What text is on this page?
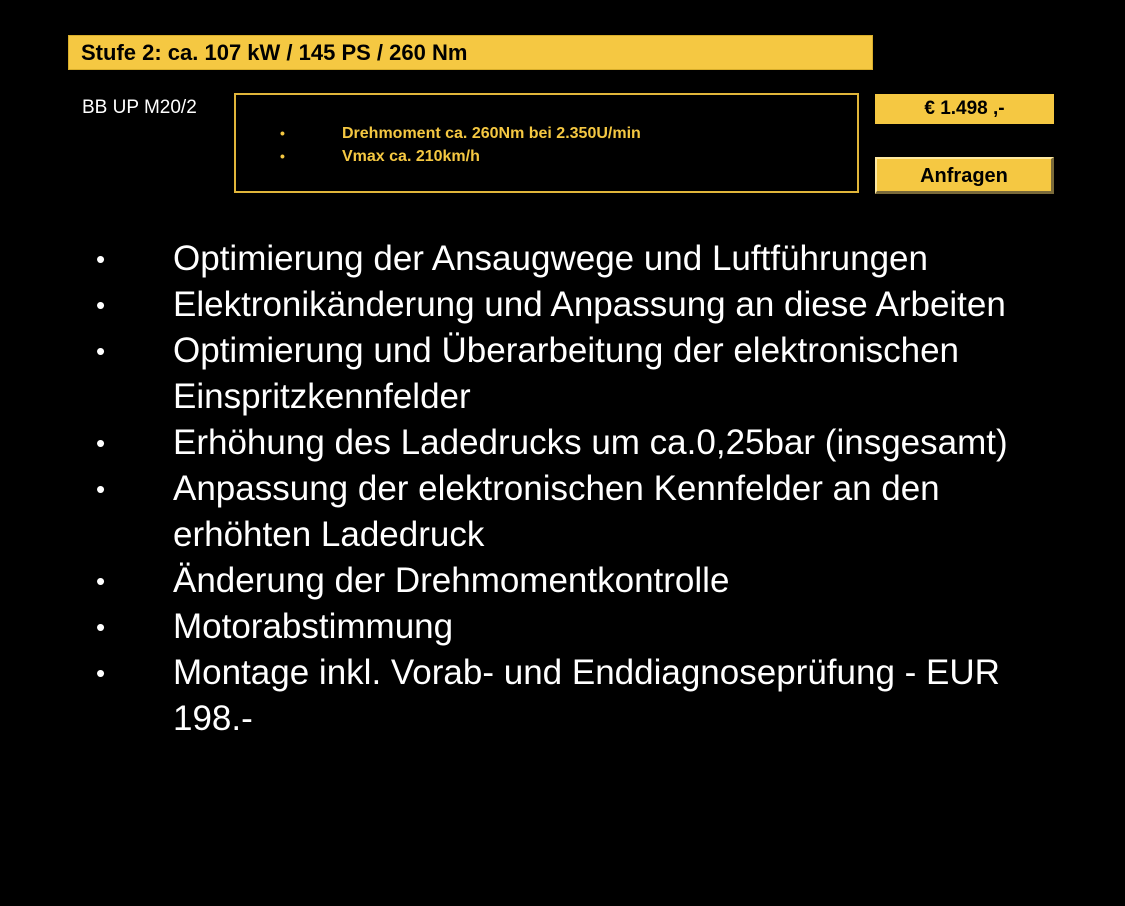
Stufe 2: ca. 107 kW / 145 PS / 260 Nm
BB UP M20/2
•	Drehmoment ca. 260Nm bei 2.350U/min
•	Vmax ca. 210km/h
€ 1.498 ,-
Anfragen
• Optimierung der Ansaugwege und Luftführungen
• Elektronikänderung und Anpassung an diese Arbeiten
• Optimierung und Überarbeitung der elektronischen Einspritzkennfelder
• Erhöhung des Ladedrucks um ca.0,25bar (insgesamt)
• Anpassung der elektronischen Kennfelder an den erhöhten Ladedruck
• Änderung der Drehmomentkontrolle
• Motorabstimmung
• Montage inkl. Vorab- und Enddiagnoseprüfung - EUR 198.-
